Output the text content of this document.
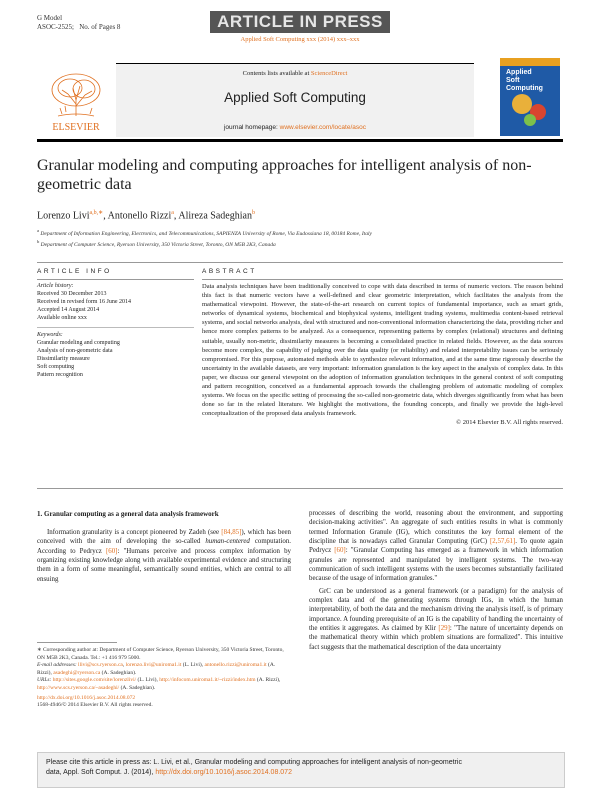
G Model
ASOC-2525; No. of Pages 8	ARTICLE IN PRESS
Applied Soft Computing xxx (2014) xxx–xxx
ELSEVIER
Contents lists available at ScienceDirect
Applied Soft Computing
journal homepage: www.elsevier.com/locate/asoc
Applied
Soft
Computing
Granular modeling and computing approaches for intelligent analysis of non-geometric data
Lorenzo Livi$^{a,b,∗}$, Antonello Rizzi$^a$, Alireza Sadeghian$^b$
$^a$ Department of Information Engineering, Electronics, and Telecommunications, SAPIENZA University of Rome, Via Eudossiana 18, 00184 Rome, Italy
$^b$ Department of Computer Science, Ryerson University, 350 Victoria Street, Toronto, ON M5B 2K3, Canada
ARTICLE INFO	ABSTRACT
Article history:
Received 30 December 2013
Received in revised form 16 June 2014
Accepted 14 August 2014
Available online xxx
Keywords:
Granular modeling and computing
Analysis of non-geometric data
Dissimilarity measure
Soft computing
Pattern recognition
Data analysis techniques have been traditionally conceived to cope with data described in terms of numeric vectors. The reason behind this fact is that numeric vectors have a well-defined and clear geometric interpretation, which facilitates the analysis from the mathematical viewpoint. However, the state-of-the-art research on current topics of fundamental importance, such as smart grids, networks of dynamical systems, biochemical and biophysical systems, intelligent trading systems, multimedia content-based retrieval systems, and social networks analysis, deal with structured and non-conventional information characterizing the data, providing richer and hence more complex patterns to be analyzed. As a consequence, representing patterns by complex (relational) structures and defining suitable, usually non-metric, dissimilarity measures is becoming a consolidated practice in related fields. However, as the data sources become more complex, the capability of judging over the data quality (or reliability) and related interpretability issues can be seriously compromised. For this purpose, automated methods able to synthesize relevant information, and at the same time rigorously describe the uncertainty in the available datasets, are very important: information granulation is the key aspect in the analysis of complex data. In this paper, we discuss our general viewpoint on the adoption of information granulation techniques in the general context of soft computing and pattern recognition, conceived as a fundamental approach towards the challenging problem of automatic modeling of complex systems. We focus on the specific setting of processing the so-called non-geometric data, which diverges significantly from what has been done so far in the related literature. We highlight the motivations, the founding concepts, and finally we provide the high-level conceptualization of the proposed data analysis framework.
© 2014 Elsevier B.V. All rights reserved.
1. Granular computing as a general data analysis framework

Information granularity is a concept pioneered by Zadeh (see [84,85]), which has been conceived with the aim of developing the so-called human-centered computation. According to Pedrycz [60]: "Humans perceive and process complex information by organizing existing knowledge along with available experimental evidence and structuring them in a form of some meaningful, semantically sound entities, which are central to all ensuing

processes of describing the world, reasoning about the environment, and supporting decision-making activities". An aggregate of such entities results in what is commonly termed Information Granule (IG), which constitutes the key formal element of the discipline that is nowadays called Granular Computing (GrC) [2,57,61]. To quote again Pedrycz [60]: "Granular Computing has emerged as a framework in which information granules are represented and manipulated by intelligent systems. The two-way communication of such intelligent systems with the users becomes substantially facilitated because of the usage of information granules."

GrC can be understood as a general framework (or a paradigm) for the analysis of complex data and of the generating systems through IGs, in which the human interpretability, of both the data and the mechanism driving the analysis itself, is of primary importance. A founding prerequisite of an IG is the capability of handling the uncertainty of the entities it aggregates. As claimed by Klir [29]: "The nature of uncertainty depends on the mathematical theory within which problem situations are formalized". This intuitive fact suggests that the mathematical description of the data uncertainty

∗ Corresponding author at: Department of Computer Science, Ryerson University, 350 Victoria Street, Toronto, ON M5B 2K3, Canada. Tel.: +1 416 979 5000.
E-mail addresses: llivi@scs.ryerson.ca, lorenzo.livi@uniroma1.it (L. Livi), antonello.rizzi@uniroma1.it (A. Rizzi), asadeghi@ryerson.ca (A. Sadeghian).
URLs: http://sites.google.com/site/lorenzlivi/ (L. Livi), http://infocom.uniroma1.it/~rizzi/index.htm (A. Rizzi), http://www.scs.ryerson.ca/~asadeghi/ (A. Sadeghian).
http://dx.doi.org/10.1016/j.asoc.2014.08.072
1568-4946/© 2014 Elsevier B.V. All rights reserved.
Please cite this article in press as: L. Livi, et al., Granular modeling and computing approaches for intelligent analysis of non-geometric
data, Appl. Soft Comput. J. (2014), http://dx.doi.org/10.1016/j.asoc.2014.08.072
